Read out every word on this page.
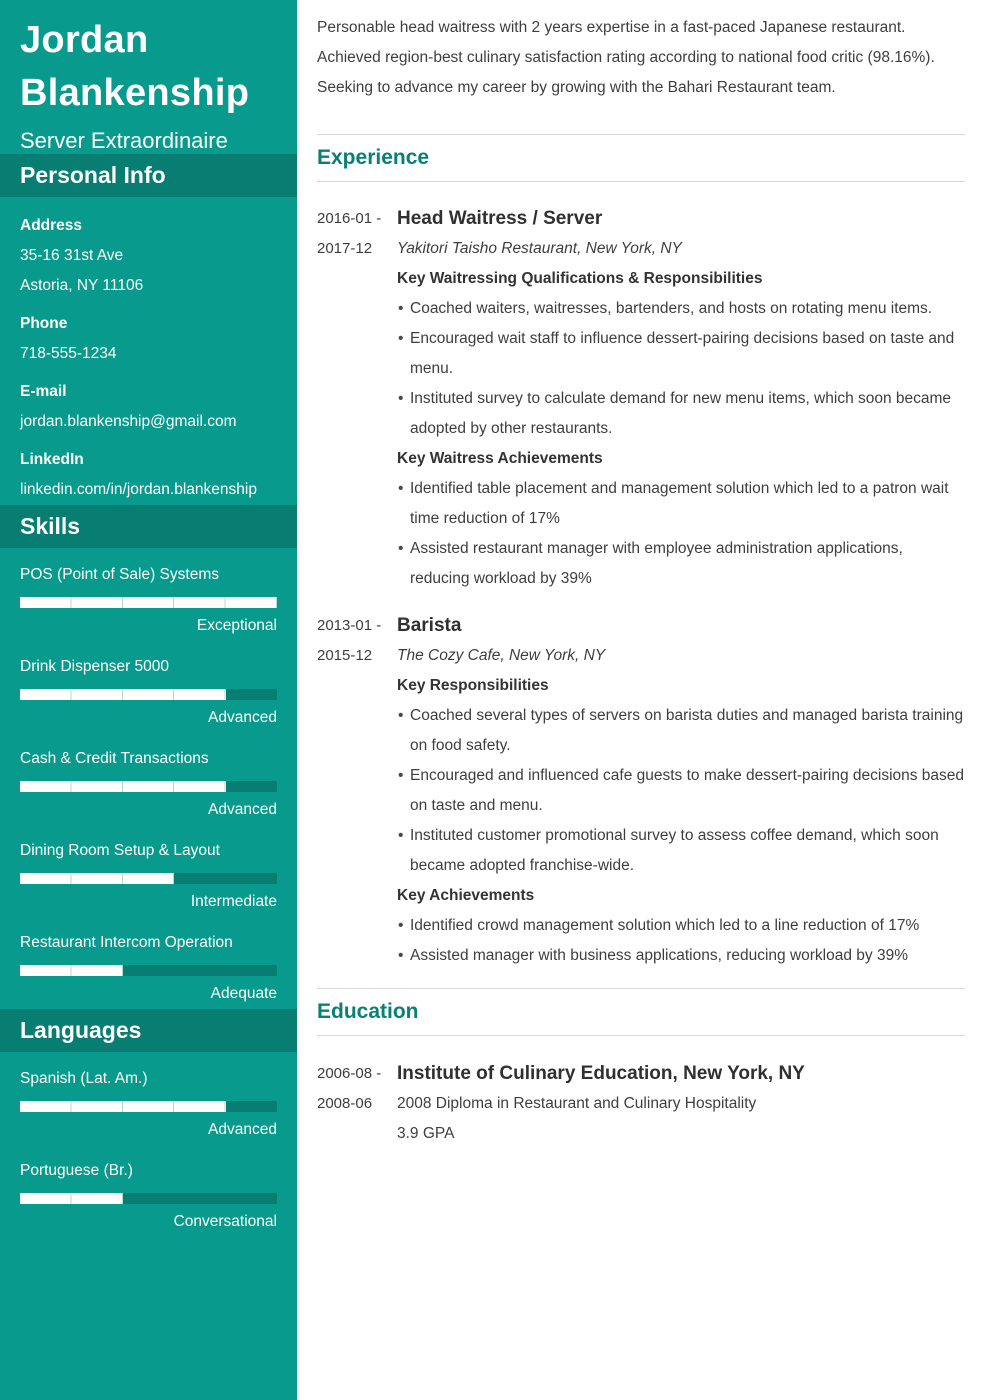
Jordan Blankenship
Server Extraordinaire
Personal Info
Address
35-16 31st Ave
Astoria, NY 11106
Phone
718-555-1234
E-mail
jordan.blankenship@gmail.com
LinkedIn
linkedin.com/in/jordan.blankenship
Skills
POS (Point of Sale) Systems
Exceptional
Drink Dispenser 5000
Advanced
Cash & Credit Transactions
Advanced
Dining Room Setup & Layout
Intermediate
Restaurant Intercom Operation
Adequate
Languages
Spanish (Lat. Am.)
Advanced
Portuguese (Br.)
Conversational

Personable head waitress with 2 years expertise in a fast-paced Japanese restaurant. Achieved region-best culinary satisfaction rating according to national food critic (98.16%). Seeking to advance my career by growing with the Bahari Restaurant team.

Experience
2016-01 -
2017-12
Head Waitress / Server
Yakitori Taisho Restaurant, New York, NY
Key Waitressing Qualifications & Responsibilities
• Coached waiters, waitresses, bartenders, and hosts on rotating menu items.
• Encouraged wait staff to influence dessert-pairing decisions based on taste and menu.
• Instituted survey to calculate demand for new menu items, which soon became adopted by other restaurants.
Key Waitress Achievements
• Identified table placement and management solution which led to a patron wait time reduction of 17%
• Assisted restaurant manager with employee administration applications, reducing workload by 39%
2013-01 -
2015-12
Barista
The Cozy Cafe, New York, NY
Key Responsibilities
• Coached several types of servers on barista duties and managed barista training on food safety.
• Encouraged and influenced cafe guests to make dessert-pairing decisions based on taste and menu.
• Instituted customer promotional survey to assess coffee demand, which soon became adopted franchise-wide.
Key Achievements
• Identified crowd management solution which led to a line reduction of 17%
• Assisted manager with business applications, reducing workload by 39%
Education
2006-08 -
2008-06
Institute of Culinary Education, New York, NY
2008 Diploma in Restaurant and Culinary Hospitality
3.9 GPA
